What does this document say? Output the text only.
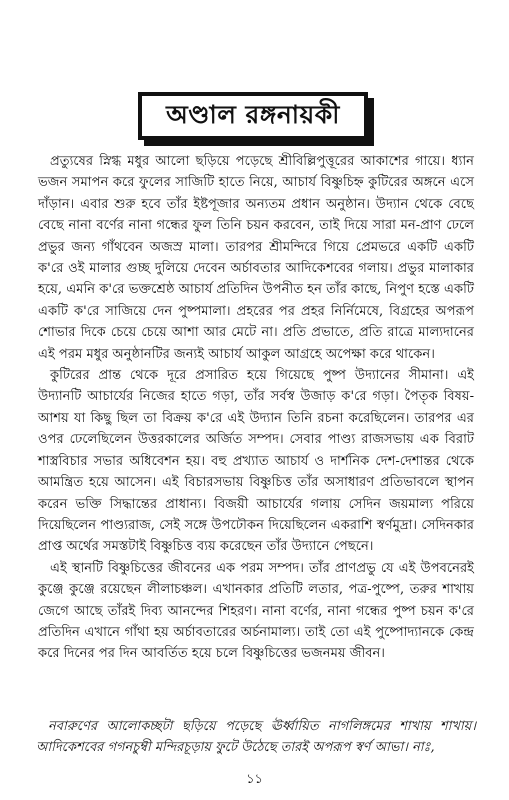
অণ্ডাল রঙ্গনায়কী

প্রত্যুষের স্নিগ্ধ মধুর আলো ছড়িয়ে পড়েছে শ্রীবিল্লিপুত্তূরের আকাশের গায়ে। ধ্যান ভজন সমাপন করে ফুলের সাজিটি হাতে নিয়ে, আচার্য বিষ্ণুচিহ্ন কুটিরের অঙ্গনে এসে দাঁড়ান। এবার শুরু হবে তাঁর ইষ্টপূজার অন্যতম প্রধান অনুষ্ঠান। উদ্যান থেকে বেছে বেছে নানা বর্ণের নানা গন্ধের ফুল তিনি চয়ন করবেন, তাই দিয়ে সারা মন-প্রাণ ঢেলে প্রভুর জন্য গাঁথবেন অজস্র মালা। তারপর শ্রীমন্দিরে গিয়ে প্রেমভরে একটি একটি ক'রে ওই মালার গুচ্ছ দুলিয়ে দেবেন অর্চাবতার আদিকেশবের গলায়। প্রভুর মালাকার হয়ে, এমনি ক'রে ভক্তশ্রেষ্ঠ আচার্য প্রতিদিন উপনীত হন তাঁর কাছে, নিপুণ হস্তে একটি একটি ক'রে সাজিয়ে দেন পুষ্পমালা। প্রহরের পর প্রহর নির্নিমেষে, বিগ্রহের অপরূপ শোভার দিকে চেয়ে চেয়ে আশা আর মেটে না। প্রতি প্রভাতে, প্রতি রাত্রে মাল্যদানের এই পরম মধুর অনুষ্ঠানটির জন্যই আচার্য আকুল আগ্রহে অপেক্ষা করে থাকেন।

কুটিরের প্রান্ত থেকে দূরে প্রসারিত হয়ে গিয়েছে পুষ্প উদ্যানের সীমানা। এই উদ্যানটি আচার্যের নিজের হাতে গড়া, তাঁর সর্বস্ব উজাড় ক'রে গড়া। পৈতৃক বিষয়-আশয় যা কিছু ছিল তা বিক্রয় ক'রে এই উদ্যান তিনি রচনা করেছিলেন। তারপর এর ওপর ঢেলেছিলেন উত্তরকালের অর্জিত সম্পদ। সেবার পাণ্ড্য রাজসভায় এক বিরাট শাস্ত্রবিচার সভার অধিবেশন হয়। বহু প্রখ্যাত আচার্য ও দার্শনিক দেশ-দেশান্তর থেকে আমন্ত্রিত হয়ে আসেন। এই বিচারসভায় বিষ্ণুচিত্ত তাঁর অসাধারণ প্রতিভাবলে স্থাপন করেন ভক্তি সিদ্ধান্তের প্রাধান্য। বিজয়ী আচার্যের গলায় সেদিন জয়মাল্য পরিয়ে দিয়েছিলেন পাণ্ড্যরাজ, সেই সঙ্গে উপঢৌকন দিয়েছিলেন একরাশি স্বর্ণমুদ্রা। সেদিনকার প্রাপ্ত অর্থের সমস্তটাই বিষ্ণুচিত্ত ব্যয় করেছেন তাঁর উদ্যানে পেছনে।

এই স্থানটি বিষ্ণুচিত্তের জীবনের এক পরম সম্পদ। তাঁর প্রাণপ্রভু যে এই উপবনেরই কুঞ্জে কুঞ্জে রয়েছেন লীলাচঞ্চল। এখানকার প্রতিটি লতার, পত্র-পুষ্পে, তরুর শাখায় জেগে আছে তাঁরই দিব্য আনন্দের শিহরণ। নানা বর্ণের, নানা গন্ধের পুষ্প চয়ন ক'রে প্রতিদিন এখানে গাঁথা হয় অর্চাবতারের অর্চনামাল্য। তাই তো এই পুষ্পোদ্যানকে কেন্দ্র করে দিনের পর দিন আবর্তিত হয়ে চলে বিষ্ণুচিত্তের ভজনময় জীবন।

নবারুণের আলোকচ্ছটা ছড়িয়ে পড়েছে ঊর্ধ্বায়িত নাগলিঙ্গমের শাখায় শাখায়। আদিকেশবের গগনচুম্বী মন্দিরচূড়ায় ফুটে উঠেছে তারই অপরূপ স্বর্ণ আভা। নাঃ,

১১
